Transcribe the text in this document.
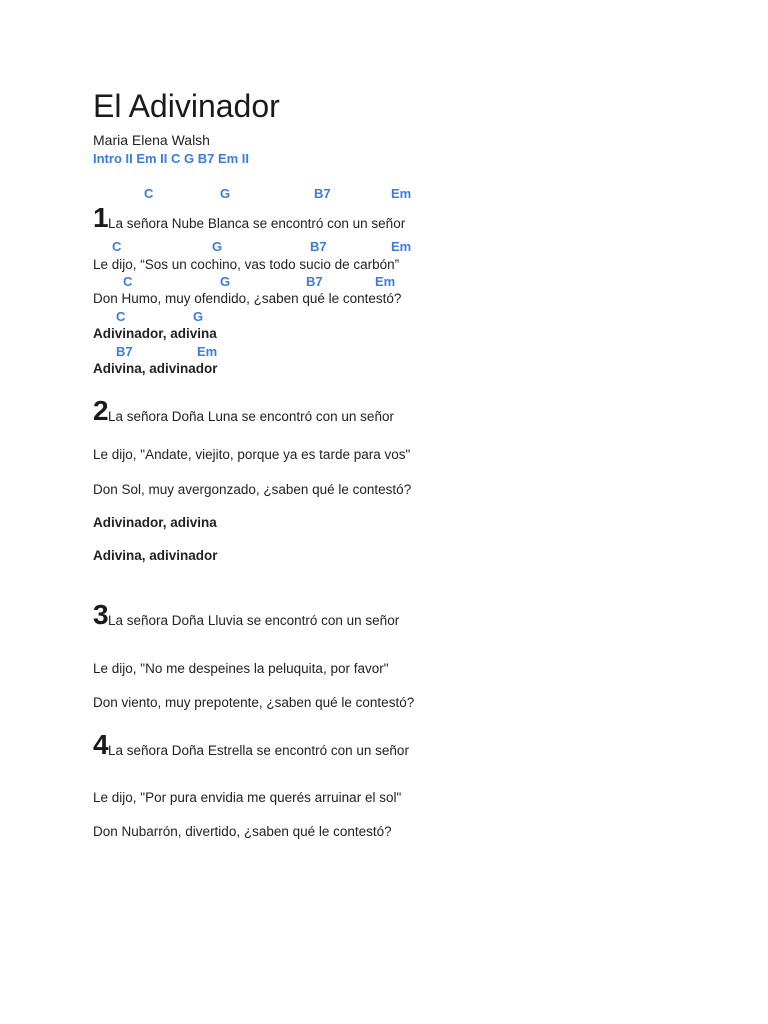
El Adivinador
Maria Elena Walsh
Intro II Em II C G B7 Em II
C	G	B7	Em
1 La señora Nube Blanca se encontró con un señor
C	G	B7	Em
Le dijo, “Sos un cochino, vas todo sucio de carbón”
C	G	B7	Em
Don Humo, muy ofendido, ¿saben qué le contestó?
C	G
Adivinador, adivina
B7	Em
Adivina, adivinador
2 La señora Doña Luna se encontró con un señor
Le dijo, "Andate, viejito, porque ya es tarde para vos"
Don Sol, muy avergonzado, ¿saben qué le contestó?
Adivinador, adivina
Adivina, adivinador
3 La señora Doña Lluvia se encontró con un señor
Le dijo, "No me despeines la peluquita, por favor"
Don viento, muy prepotente, ¿saben qué le contestó?
4 La señora Doña Estrella se encontró con un señor
Le dijo, "Por pura envidia me querés arruinar el sol"
Don Nubarrón, divertido, ¿saben qué le contestó?
